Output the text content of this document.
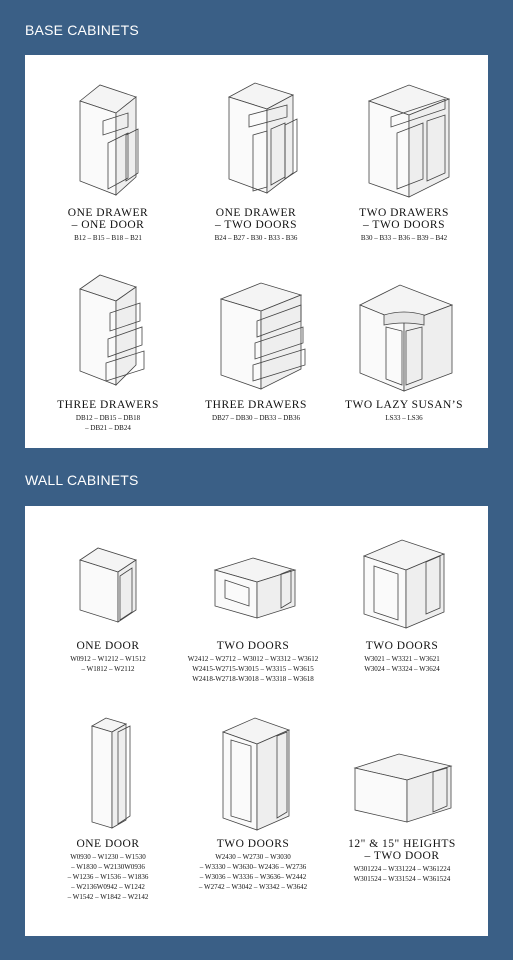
BASE CABINETS
ONE DRAWER
– ONE DOOR
B12 – B15 – B18 – B21
ONE DRAWER
– TWO DOORS
B24 – B27 - B30 - B33 - B36
TWO DRAWERS
– TWO DOORS
B30 – B33 – B36 – B39 – B42
THREE DRAWERS
DB12 – DB15 – DB18
– DB21 – DB24
THREE DRAWERS
DB27 – DB30 – DB33 – DB36
TWO LAZY SUSAN’S
LS33 – LS36
WALL CABINETS
ONE DOOR
W0912 – W1212 – W1512
– W1812 – W2112
TWO DOORS
W2412 – W2712 – W3012 – W3312 – W3612
W2415-W2715-W3015 – W3315 – W3615
W2418-W2718-W3018 – W3318 – W3618
TWO DOORS
W3021 – W3321 – W3621
W3024 – W3324 – W3624
ONE DOOR
W0930 – W1230 – W1530
– W1830 – W2130W0936
– W1236 – W1536 – W1836
– W2136W0942 – W1242
– W1542 – W1842 – W2142
TWO DOORS
W2430 – W2730 – W3030
– W3330 – W3630– W2436 – W2736
– W3036 – W3336 – W3636– W2442
– W2742 – W3042 – W3342 – W3642
12" & 15" HEIGHTS
– TWO DOOR
W301224 – W331224 – W361224
W301524 – W331524 – W361524
